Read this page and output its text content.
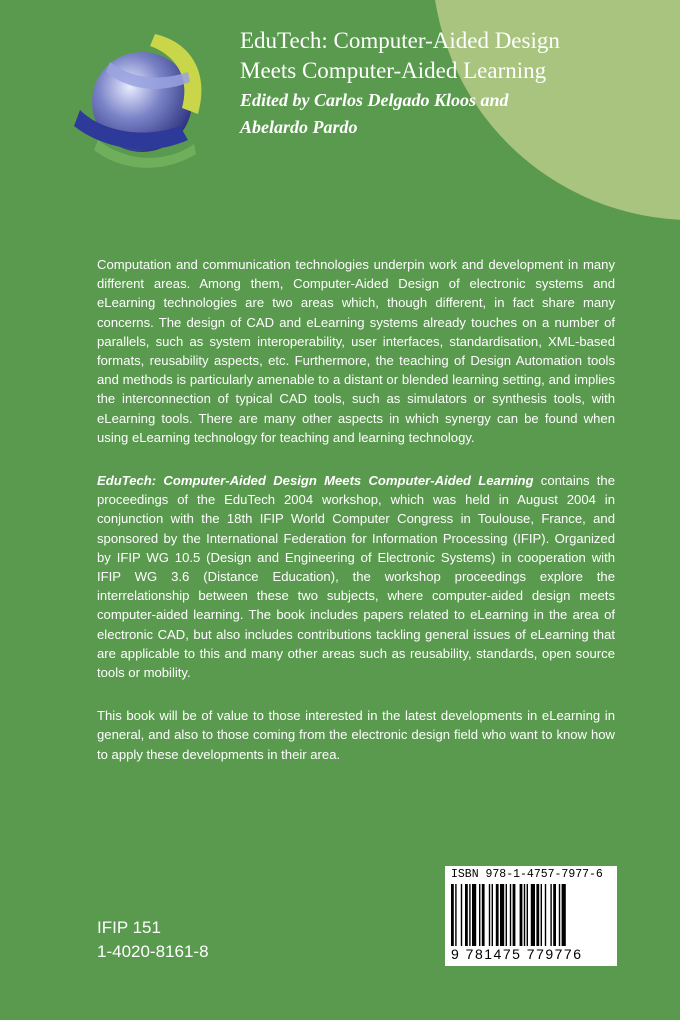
EduTech: Computer-Aided Design
Meets Computer-Aided Learning
Edited by Carlos Delgado Kloos and
Abelardo Pardo

Computation and communication technologies underpin work and development in many different areas. Among them, Computer-Aided Design of electronic systems and eLearning technologies are two areas which, though different, in fact share many concerns. The design of CAD and eLearning systems already touches on a number of parallels, such as system interoperability, user interfaces, standardisation, XML-based formats, reusability aspects, etc. Furthermore, the teaching of Design Automation tools and methods is particularly amenable to a distant or blended learning setting, and implies the interconnection of typical CAD tools, such as simulators or synthesis tools, with eLearning tools. There are many other aspects in which synergy can be found when using eLearning technology for teaching and learning technology.

EduTech: Computer-Aided Design Meets Computer-Aided Learning contains the proceedings of the EduTech 2004 workshop, which was held in August 2004 in conjunction with the 18th IFIP World Computer Congress in Toulouse, France, and sponsored by the International Federation for Information Processing (IFIP). Organized by IFIP WG 10.5 (Design and Engineering of Electronic Systems) in cooperation with IFIP WG 3.6 (Distance Education), the workshop proceedings explore the interrelationship between these two subjects, where computer-aided design meets computer-aided learning. The book includes papers related to eLearning in the area of electronic CAD, but also includes contributions tackling general issues of eLearning that are applicable to this and many other areas such as reusability, standards, open source tools or mobility.

This book will be of value to those interested in the latest developments in eLearning in general, and also to those coming from the electronic design field who want to know how to apply these developments in their area.

IFIP 151
1-4020-8161-8
ISBN 978-1-4757-7977-6
9 781475 779776
